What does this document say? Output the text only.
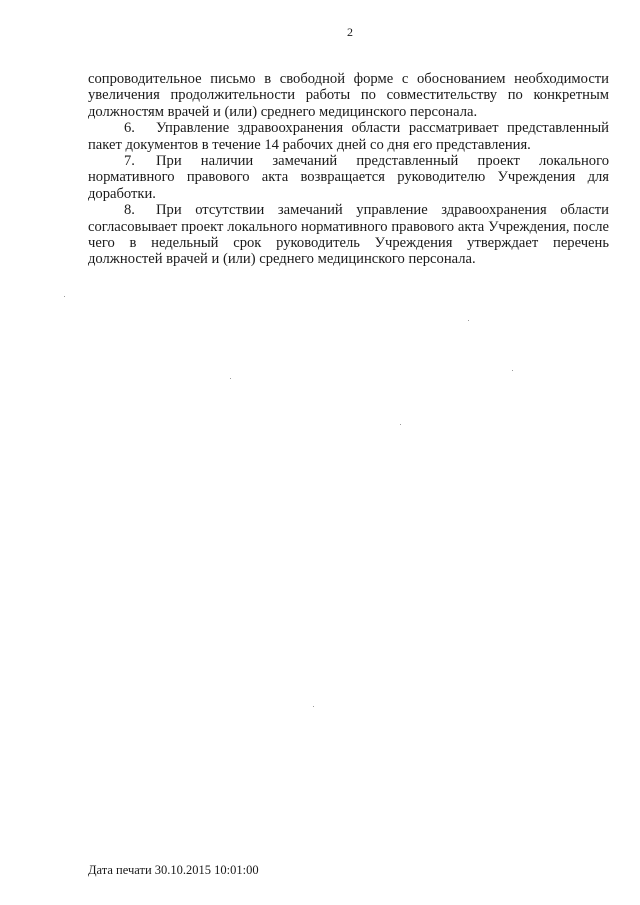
2

сопроводительное письмо в свободной форме с обоснованием необходимости увеличения продолжительности работы по совместительству по конкретным должностям врачей и (или) среднего медицинского персонала.

6. Управление здравоохранения области рассматривает представленный пакет документов в течение 14 рабочих дней со дня его представления.

7. При наличии замечаний представленный проект локального нормативного правового акта возвращается руководителю Учреждения для доработки.

8. При отсутствии замечаний управление здравоохранения области согласовывает проект локального нормативного правового акта Учреждения, после чего в недельный срок руководитель Учреждения утверждает перечень должностей врачей и (или) среднего медицинского персонала.

Дата печати 30.10.2015 10:01:00
